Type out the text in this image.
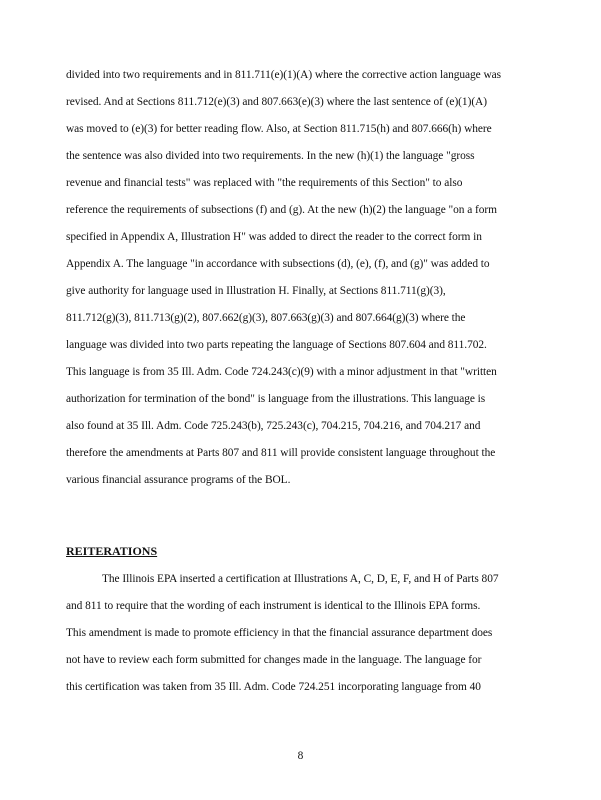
divided into two requirements and in 811.711(e)(1)(A) where the corrective action language was
revised. And at Sections 811.712(e)(3) and 807.663(e)(3) where the last sentence of (e)(1)(A)
was moved to (e)(3) for better reading flow. Also, at Section 811.715(h) and 807.666(h) where
the sentence was also divided into two requirements. In the new (h)(1) the language "gross
revenue and financial tests" was replaced with "the requirements of this Section" to also
reference the requirements of subsections (f) and (g). At the new (h)(2) the language "on a form
specified in Appendix A, Illustration H" was added to direct the reader to the correct form in
Appendix A. The language "in accordance with subsections (d), (e), (f), and (g)" was added to
give authority for language used in Illustration H. Finally, at Sections 811.711(g)(3),
811.712(g)(3), 811.713(g)(2), 807.662(g)(3), 807.663(g)(3) and 807.664(g)(3) where the
language was divided into two parts repeating the language of Sections 807.604 and 811.702.
This language is from 35 Ill. Adm. Code 724.243(c)(9) with a minor adjustment in that "written
authorization for termination of the bond" is language from the illustrations. This language is
also found at 35 Ill. Adm. Code 725.243(b), 725.243(c), 704.215, 704.216, and 704.217 and
therefore the amendments at Parts 807 and 811 will provide consistent language throughout the
various financial assurance programs of the BOL.
REITERATIONS
The Illinois EPA inserted a certification at Illustrations A, C, D, E, F, and H of Parts 807
and 811 to require that the wording of each instrument is identical to the Illinois EPA forms.
This amendment is made to promote efficiency in that the financial assurance department does
not have to review each form submitted for changes made in the language. The language for
this certification was taken from 35 Ill. Adm. Code 724.251 incorporating language from 40
8
